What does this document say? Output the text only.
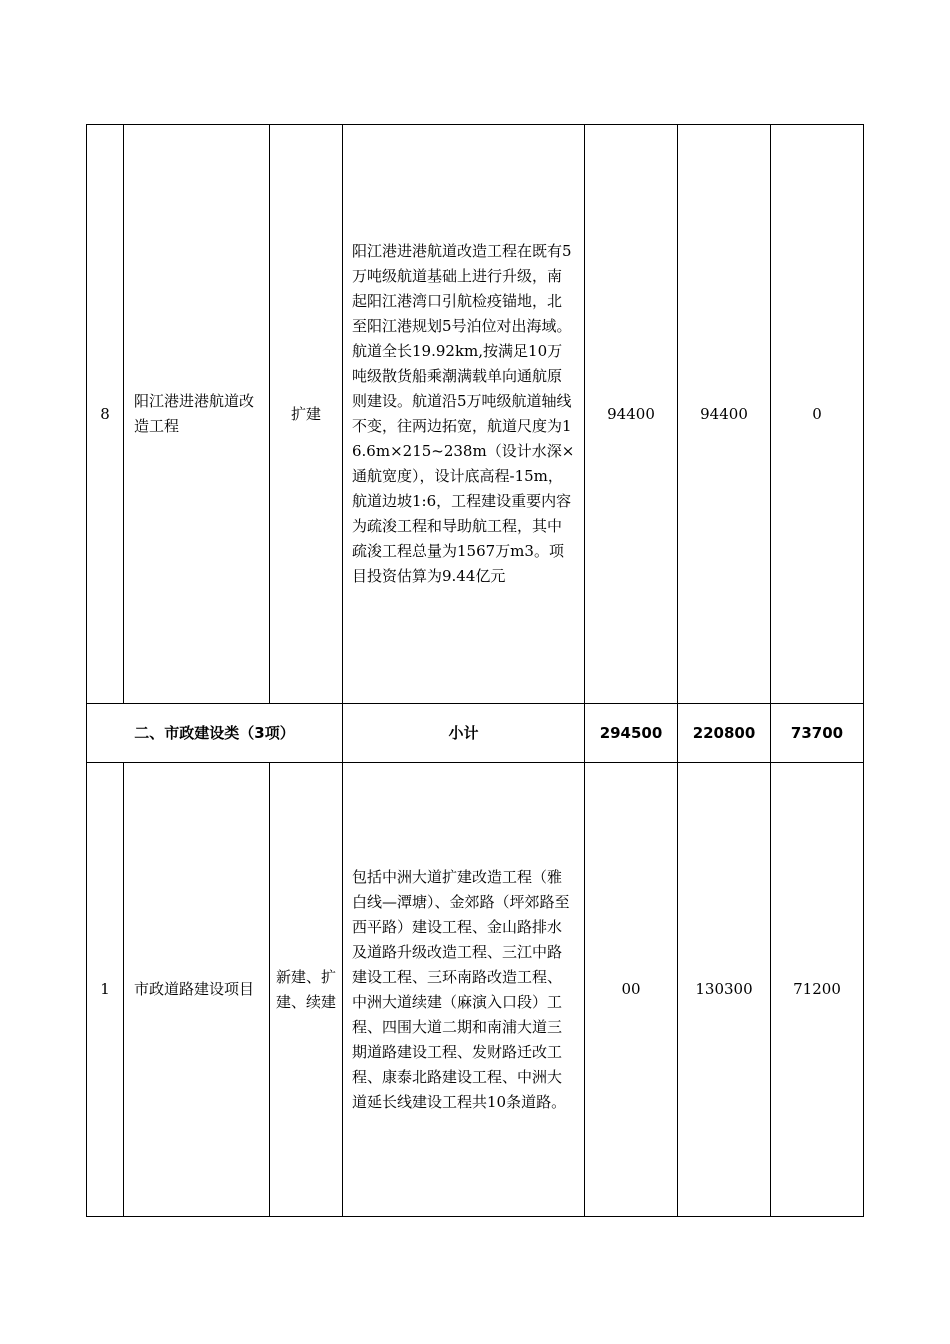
8	阳江港进港航道改造工程	扩建	阳江港进港航道改造工程在既有5万吨级航道基础上进行升级，南起阳江港湾口引航检疫锚地，北至阳江港规划5号泊位对出海域。航道全长19.92km,按满足10万吨级散货船乘潮满载单向通航原则建设。航道沿5万吨级航道轴线不变，往两边拓宽，航道尺度为16.6m×215~238m（设计水深×通航宽度），设计底高程-15m，航道边坡1:6，工程建设重要内容为疏浚工程和导助航工程，其中疏浚工程总量为1567万m3。项目投资估算为9.44亿元	94400	94400	0
二、市政建设类（3项）			小计	294500	220800	73700
1	市政道路建设项目	新建、扩建、续建	包括中洲大道扩建改造工程（雅白线—潭塘）、金郊路（坪郊路至西平路）建设工程、金山路排水及道路升级改造工程、三江中路建设工程、三环南路改造工程、中洲大道续建（麻演入口段）工程、四围大道二期和南浦大道三期道路建设工程、发财路迁改工程、康泰北路建设工程、中洲大道延长线建设工程共10条道路。	00	130300	71200
